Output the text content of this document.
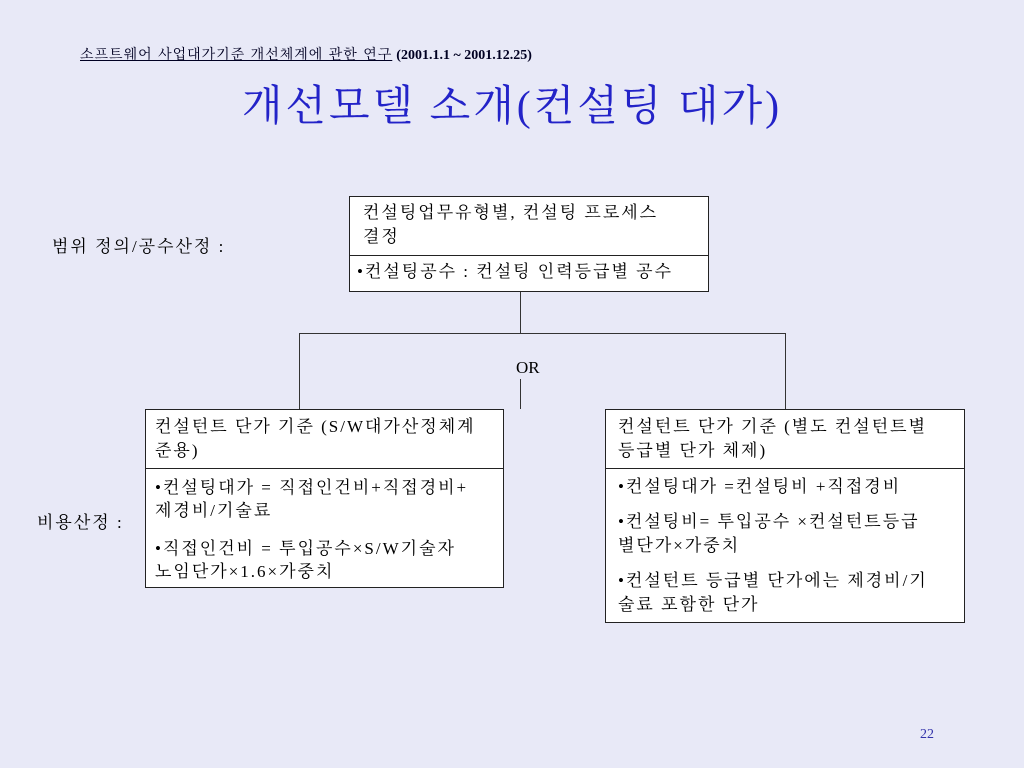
소프트웨어 사업대가기준 개선체계에 관한 연구 (2001.1.1 ~ 2001.12.25)
개선모델 소개(컨설팅 대가)
범위 정의/공수산정 :
비용산정 :
컨설팅업무유형별, 컨설팅 프로세스
결정
•컨설팅공수 : 컨설팅 인력등급별 공수
OR
컨설턴트 단가 기준 (S/W대가산정체계
준용)
•컨설팅대가 = 직접인건비+직접경비+
제경비/기술료
•직접인건비 = 투입공수×S/W기술자
노임단가×1.6×가중치
컨설턴트 단가 기준 (별도 컨설턴트별
등급별 단가 체제)
•컨설팅대가 =컨설팅비 +직접경비
•컨설팅비= 투입공수 ×컨설턴트등급
별단가×가중치
•컨설턴트 등급별 단가에는 제경비/기
술료 포함한 단가
22
